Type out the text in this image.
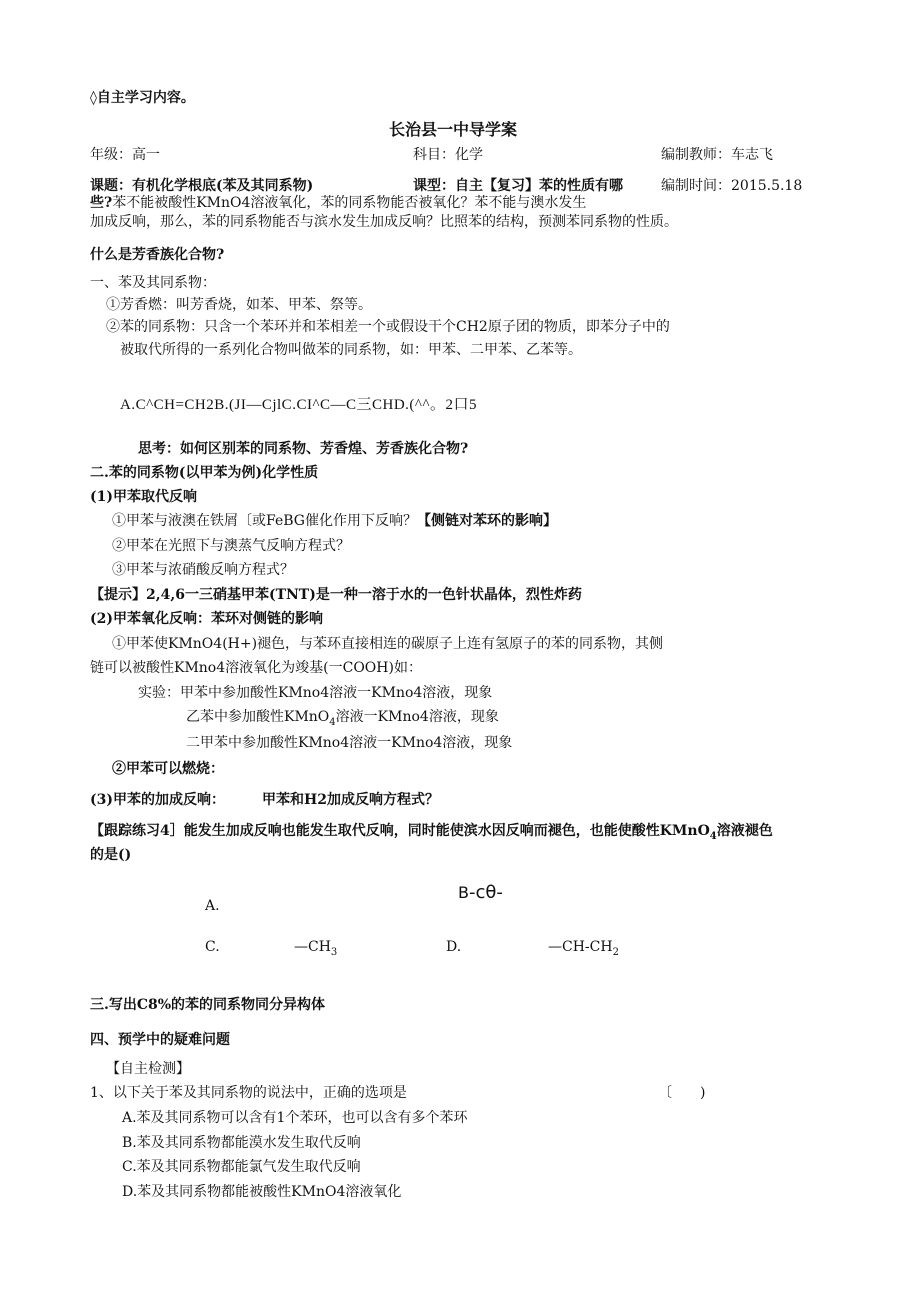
◊自主学习内容。
长治县一中导学案
年级：高一	科目：化学	编制教师：车志飞
课题：有机化学根底(苯及其同系物)	课型：自主【复习】苯的性质有哪	编制时间：2015.5.18
些?苯不能被酸性KMnO4溶液氧化，苯的同系物能否被氧化？苯不能与澳水发生
加成反响，那么，苯的同系物能否与滨水发生加成反响？比照苯的结构，预测苯同系物的性质。
什么是芳香族化合物?
一、苯及其同系物：
①芳香燃：叫芳香烧，如苯、甲苯、祭等。
②苯的同系物：只含一个苯环并和苯相差一个或假设干个CH2原子团的物质，即苯分子中的
被取代所得的一系列化合物叫做苯的同系物，如：甲苯、二甲苯、乙苯等。
A.C^CH=CH2B.(JI—CjlC.CI^C—C三CHD.(^^。2口5
思考：如何区别苯的同系物、芳香煌、芳香族化合物?
二.苯的同系物(以甲苯为例)化学性质
(1)甲苯取代反响
①甲苯与液澳在铁屑〔或FeBG催化作用下反响？【侧链对苯环的影响】
②甲苯在光照下与澳蒸气反响方程式？
③甲苯与浓硝酸反响方程式？
【提示】2,4,6一三硝基甲苯(TNT)是一种一溶于水的一色针状晶体，烈性炸药
(2)甲苯氧化反响：苯环对侧链的影响
①甲苯使KMnO4(H+)褪色，与苯环直接相连的碳原子上连有氢原子的苯的同系物，其侧
链可以被酸性KMno4溶液氧化为竣基(一COOH)如：
实验：甲苯中参加酸性KMno4溶液一KMno4溶液，现象
乙苯中参加酸性KMnO$_4$溶液一KMno4溶液，现象
二甲苯中参加酸性KMno4溶液一KMno4溶液，现象
②甲苯可以燃烧：
(3)甲苯的加成反响：	甲苯和H2加成反响方程式？
【跟踪练习4］能发生加成反响也能发生取代反响，同时能使滨水因反响而褪色，也能使酸性KMnO$_4$溶液褪色
的是()
A.
B-cθ-
C.	$—CH_3$	D.	$—CH-CH_2$
三.写出C8%的苯的同系物同分异构体
四、预学中的疑难问题
【自主检测】
1、以下关于苯及其同系物的说法中，正确的选项是	〔　　)
A.苯及其同系物可以含有1个苯环，也可以含有多个苯环
B.苯及其同系物都能漠水发生取代反响
C.苯及其同系物都能氯气发生取代反响
D.苯及其同系物都能被酸性KMnO4溶液氧化
